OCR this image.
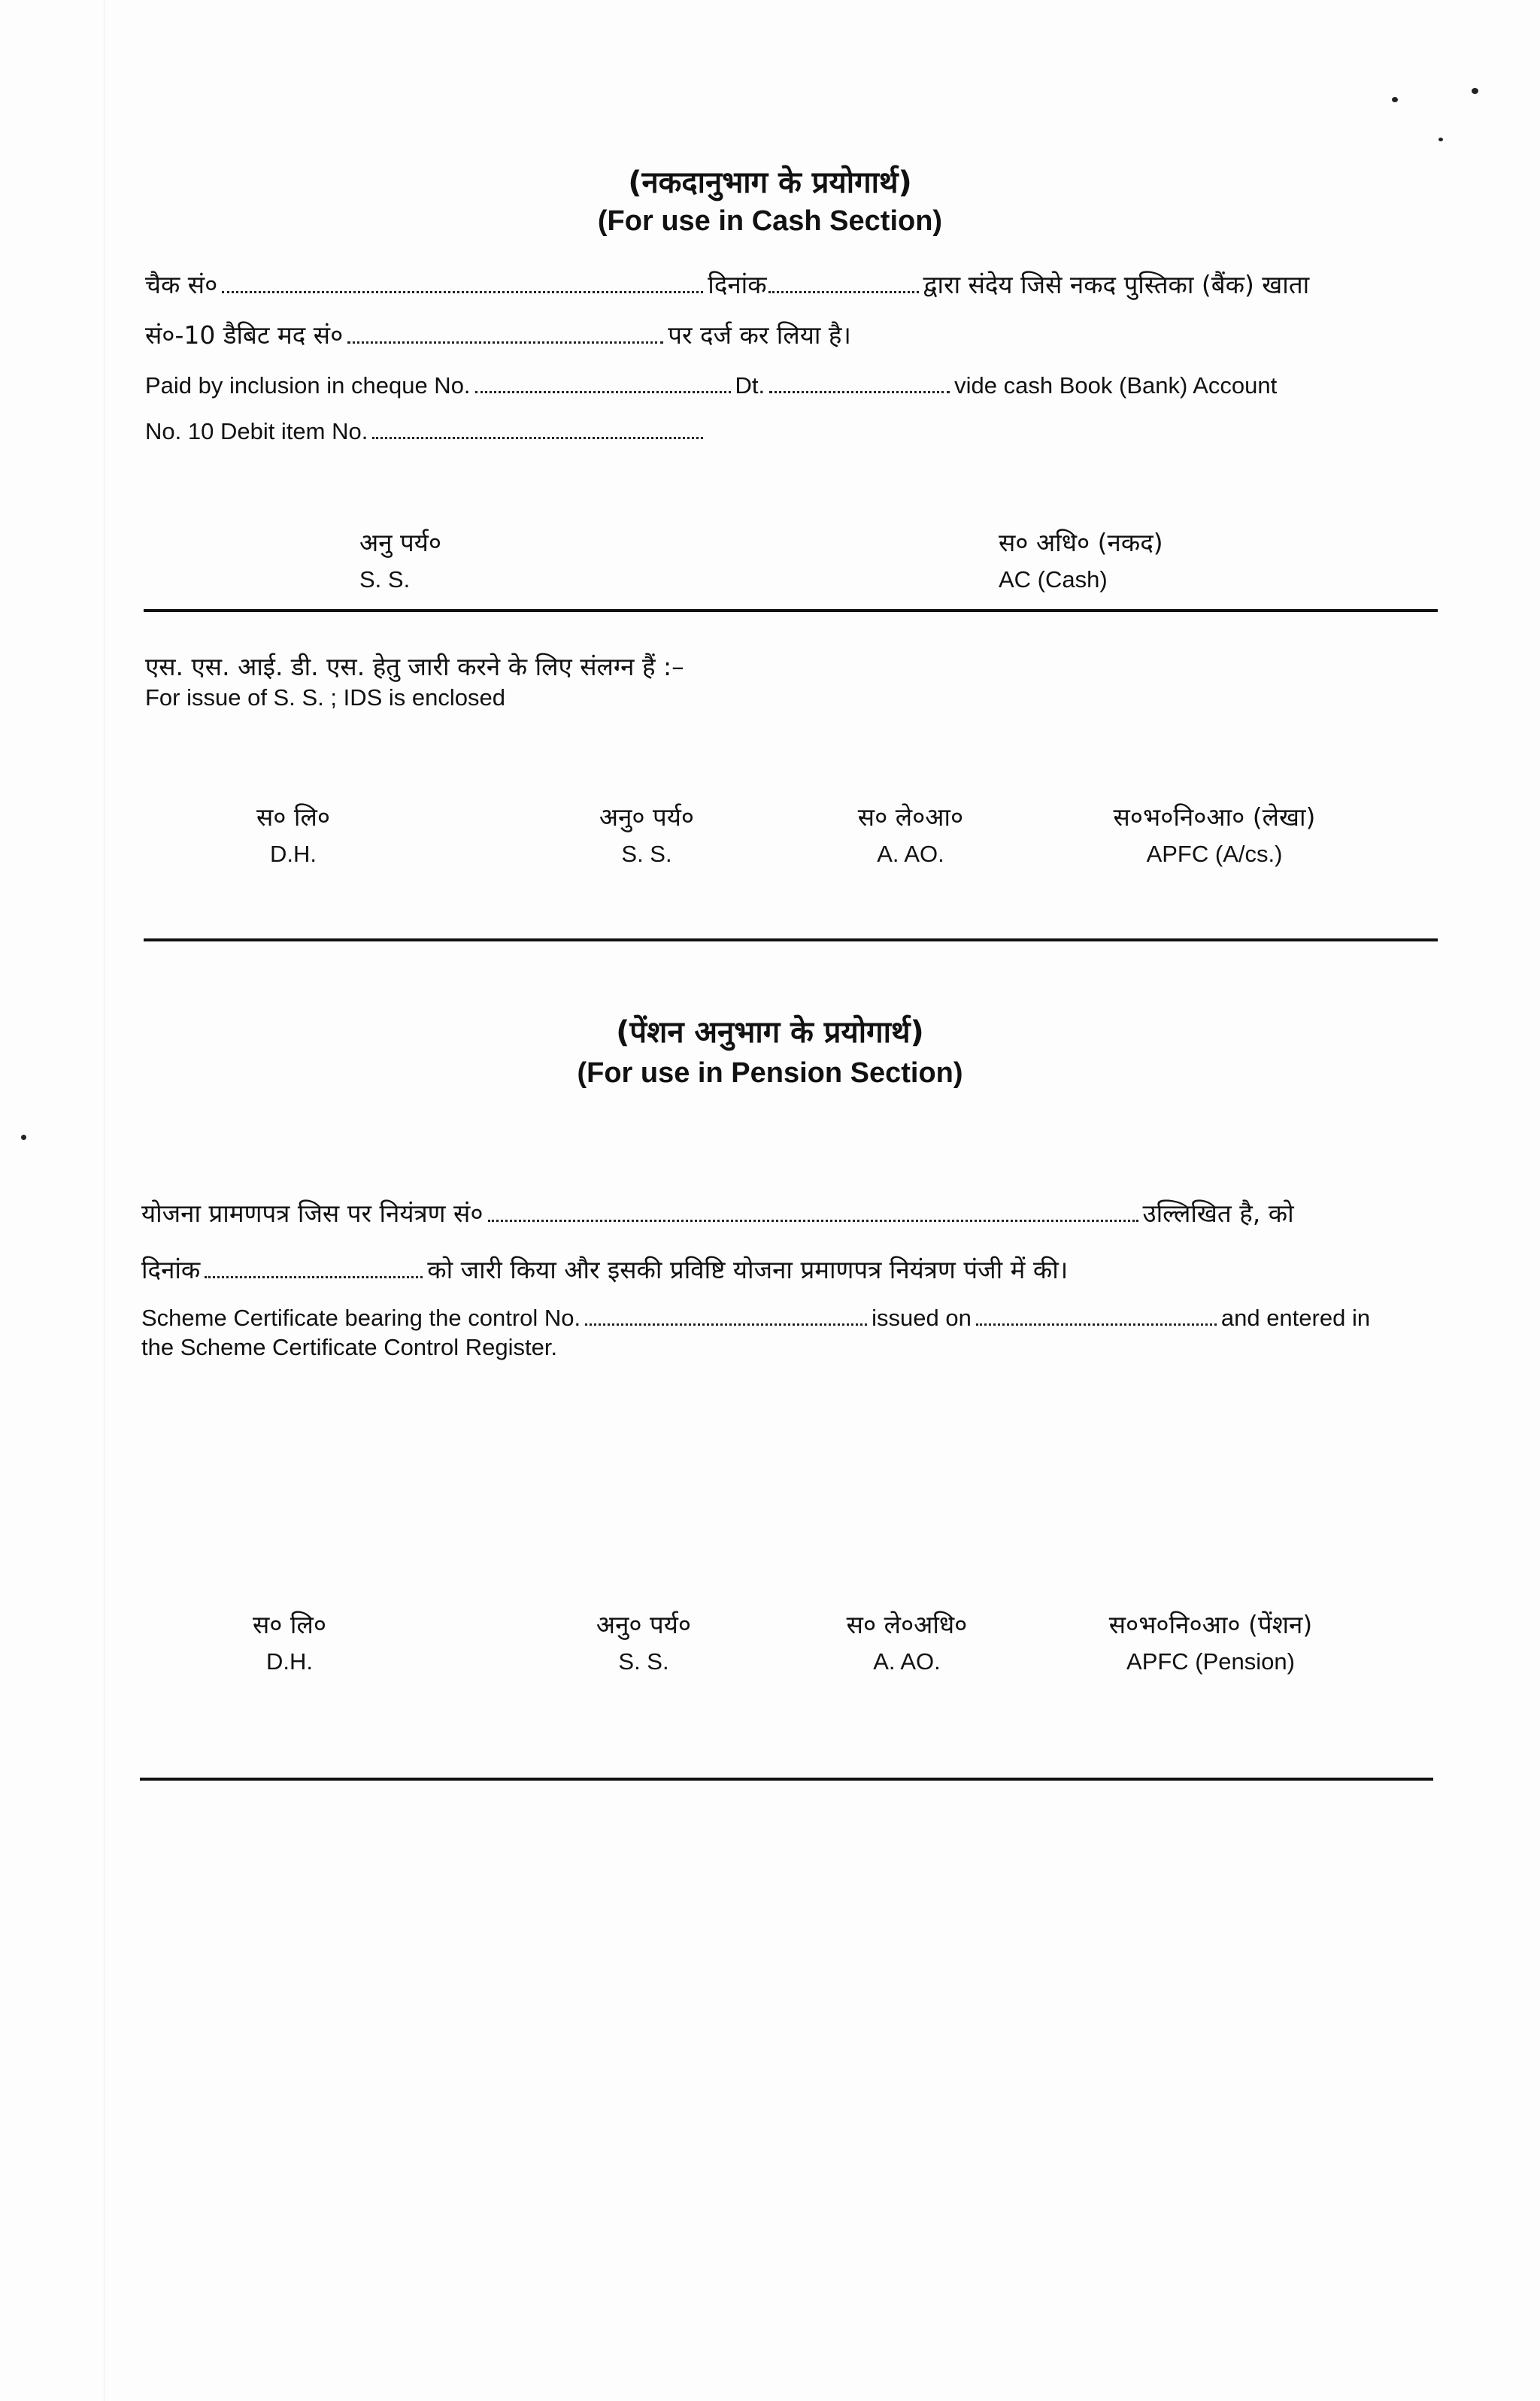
(नकदानुभाग के प्रयोगार्थ)
(For use in Cash Section)
चैक सं०	दिनांक	द्वारा संदेय जिसे नकद पुस्तिका (बैंक) खाता
सं०-10 डैबिट मद सं०	पर दर्ज कर लिया है।
Paid by inclusion in cheque No.	Dt.	vide cash Book (Bank) Account
No. 10 Debit item No.
अनु पर्य०
S. S.
स० अधि० (नकद)
AC (Cash)
एस. एस. आई. डी. एस. हेतु जारी करने के लिए संलग्न हैं :–
For issue of S. S. ; IDS is enclosed
स० लि०
D.H.
अनु० पर्य०
S. S.
स० ले०आ०
A. AO.
स०भ०नि०आ० (लेखा)
APFC (A/cs.)
(पेंशन अनुभाग के प्रयोगार्थ)
(For use in Pension Section)
योजना प्रामणपत्र जिस पर नियंत्रण सं०	उल्लिखित है, को
दिनांक	को जारी किया और इसकी प्रविष्टि योजना प्रमाणपत्र नियंत्रण पंजी में की।
Scheme Certificate bearing the control No.	issued on	and entered in
the Scheme Certificate Control Register.
स० लि०
D.H.
अनु० पर्य०
S. S.
स० ले०अधि०
A. AO.
स०भ०नि०आ० (पेंशन)
APFC (Pension)
